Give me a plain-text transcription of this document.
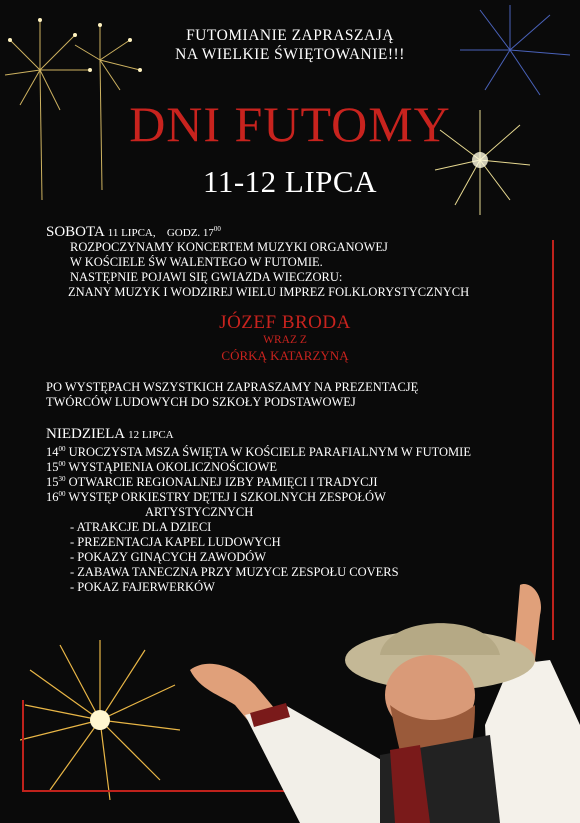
FUTOMIANIE ZAPRASZAJĄ
NA WIELKIE ŚWIĘTOWANIE!!!
DNI FUTOMY
11-12 LIPCA
SOBOTA 11 LIPCA, GODZ. $17^{00}$
ROZPOCZYNAMY KONCERTEM MUZYKI ORGANOWEJ
W KOŚCIELE ŚW WALENTEGO W FUTOMIE.
NASTĘPNIE POJAWI SIĘ GWIAZDA WIECZORU:
ZNANY MUZYK I WODZIREJ WIELU IMPREZ FOLKLORYSTYCZNYCH
JÓZEF BRODA
WRAZ Z
CÓRKĄ KATARZYNĄ
PO WYSTĘPACH WSZYSTKICH ZAPRASZAMY NA PREZENTACJĘ
TWÓRCÓW LUDOWYCH DO SZKOŁY PODSTAWOWEJ
NIEDZIELA 12 LIPCA
$14^{00}$ UROCZYSTA MSZA ŚWIĘTA W KOŚCIELE PARAFIALNYM W FUTOMIE
$15^{00}$ WYSTĄPIENIA OKOLICZNOŚCIOWE
$15^{30}$ OTWARCIE REGIONALNEJ IZBY PAMIĘCI I TRADYCJI
$16^{00}$ WYSTĘP ORKIESTRY DĘTEJ I SZKOLNYCH ZESPOŁÓW
ARTYSTYCZNYCH
- ATRAKCJE DLA DZIECI
- PREZENTACJA KAPEL LUDOWYCH
- POKAZY GINĄCYCH ZAWODÓW
- ZABAWA TANECZNA PRZY MUZYCE ZESPOŁU COVERS
- POKAZ FAJERWERKÓW
